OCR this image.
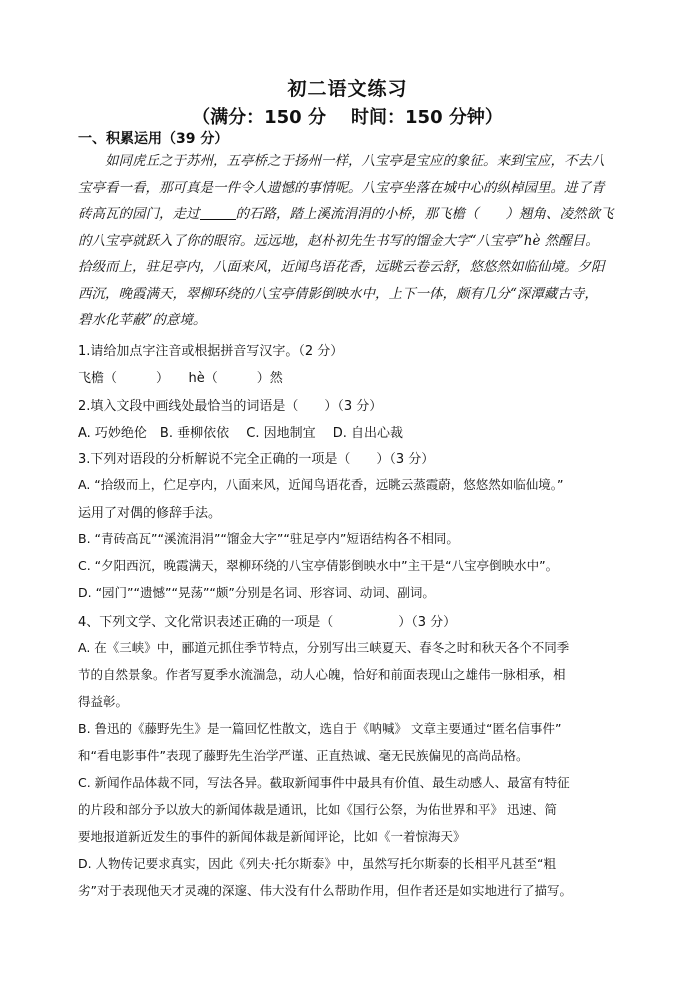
初二语文练习
（满分：150 分    时间：150 分钟）
一、积累运用（39 分）
　　如同虎丘之于苏州，五亭桥之于扬州一样，八宝亭是宝应的象征。来到宝应，不去八
宝亭看一看，那可真是一件令人遗憾的事情呢。八宝亭坐落在城中心的纵棹园里。进了青
砖高瓦的园门，走过	的石路，踏上溪流涓涓的小桥，那飞檐（　　）翘角、凌然欲飞
的八宝亭就跃入了你的眼帘。远远地，赵朴初先生书写的馏金大字“八宝亭”hè 然醒目。
拾级而上，驻足亭内，八面来风，近闻鸟语花香，远眺云卷云舒，悠悠然如临仙境。夕阳
西沉，晚霞满天，翠柳环绕的八宝亭倩影倒映水中，上下一体，颇有几分“深潭藏古寺，
碧水化苹蔽”的意境。
1.请给加点字注音或根据拼音写汉字。（2 分）
飞檐（　　　）　　hè（　　　）然
2.填入文段中画线处最恰当的词语是（　　）（3 分）
A. 巧妙绝伦　B. 垂柳依依　 C. 因地制宜　 D. 自出心裁
3.下列对语段的分析解说不完全正确的一项是（　　）（3 分）
A. “拾级而上，伫足亭内，八面来风，近闻鸟语花香，远眺云蒸霞蔚，悠悠然如临仙境。”
运用了对偶的修辞手法。
B. “青砖高瓦”“溪流涓涓”“馏金大字”“驻足亭内”短语结构各不相同。
C. “夕阳西沉，晚霞满天，翠柳环绕的八宝亭倩影倒映水中”主干是“八宝亭倒映水中”。
D. “园门”“遗憾”“晃荡”“颇”分别是名词、形容词、动词、副词。
4、下列文学、文化常识表述正确的一项是（　　　　　）（3 分）
A. 在《三峡》中，郦道元抓住季节特点，分别写出三峡夏天、春冬之时和秋天各个不同季
节的自然景象。作者写夏季水流湍急，动人心魄，恰好和前面表现山之雄伟一脉相承，相
得益彰。
B. 鲁迅的《藤野先生》是一篇回忆性散文，选自于《呐喊》 文章主要通过“匿名信事件”
和“看电影事件”表现了藤野先生治学严谨、正直热诚、毫无民族偏见的高尚品格。
C. 新闻作品体裁不同，写法各异。截取新闻事件中最具有价值、最生动感人、最富有特征
的片段和部分予以放大的新闻体裁是通讯，比如《国行公祭，为佑世界和平》 迅速、简
要地报道新近发生的事件的新闻体裁是新闻评论，比如《一着惊海天》
D. 人物传记要求真实，因此《列夫·托尔斯泰》中，虽然写托尔斯泰的长相平凡甚至“粗
劣”对于表现他天才灵魂的深邃、伟大没有什么帮助作用，但作者还是如实地进行了描写。
